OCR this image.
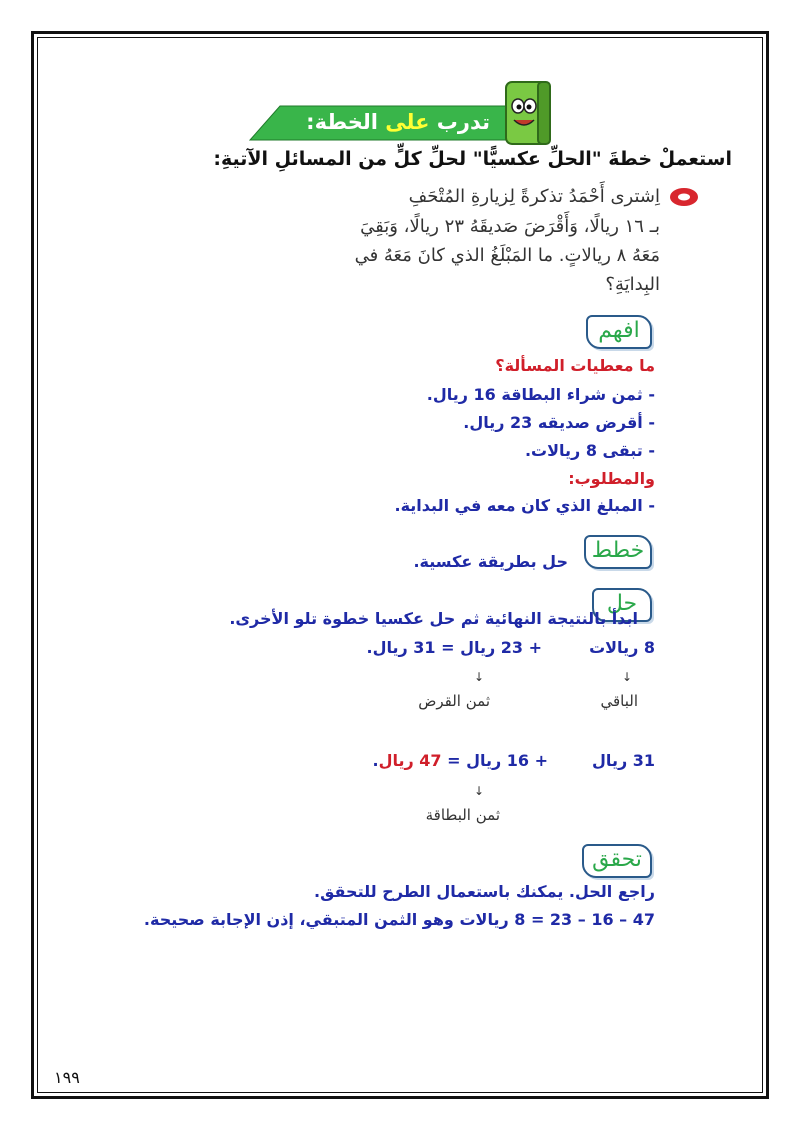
تدرب على الخطة:
استعملْ خطةَ "الحلِّ عكسيًّا" لحلِّ كلٍّ من المسائلِ الآتيةِ:
اِشترى أَحْمَدُ تذكرةً لِزيارةِ المُتْحَفِ
بـ ١٦ ريالًا، وَأَقْرَضَ صَديقَهُ ٢٣ ريالًا، وَبَقِيَ
مَعَهُ ٨ ريالاتٍ. ما المَبْلَغُ الذي كانَ مَعَهُ في
البِدايَةِ؟
افهم
ما معطيات المسألة؟
- ثمن شراء البطاقة 16 ريال.
- أقرض صديقه 23 ريال.
- تبقى 8 ريالات.
والمطلوب:
- المبلغ الذي كان معه في البداية.
خطط
حل بطريقة عكسية.
حل
ابدأ بالنتيجة النهائية ثم حل عكسيا خطوة تلو الأخرى.
8 ريالات
+ 23 ريال = 31 ريال.
↓
↓
الباقي
ثمن القرض
31 ريال
+ 16 ريال = 47 ريال.
↓
ثمن البطاقة
تحقق
راجع الحل. يمكنك باستعمال الطرح للتحقق.
47 – 16 – 23 = 8 ريالات وهو الثمن المتبقي، إذن الإجابة صحيحة.
١٩٩
